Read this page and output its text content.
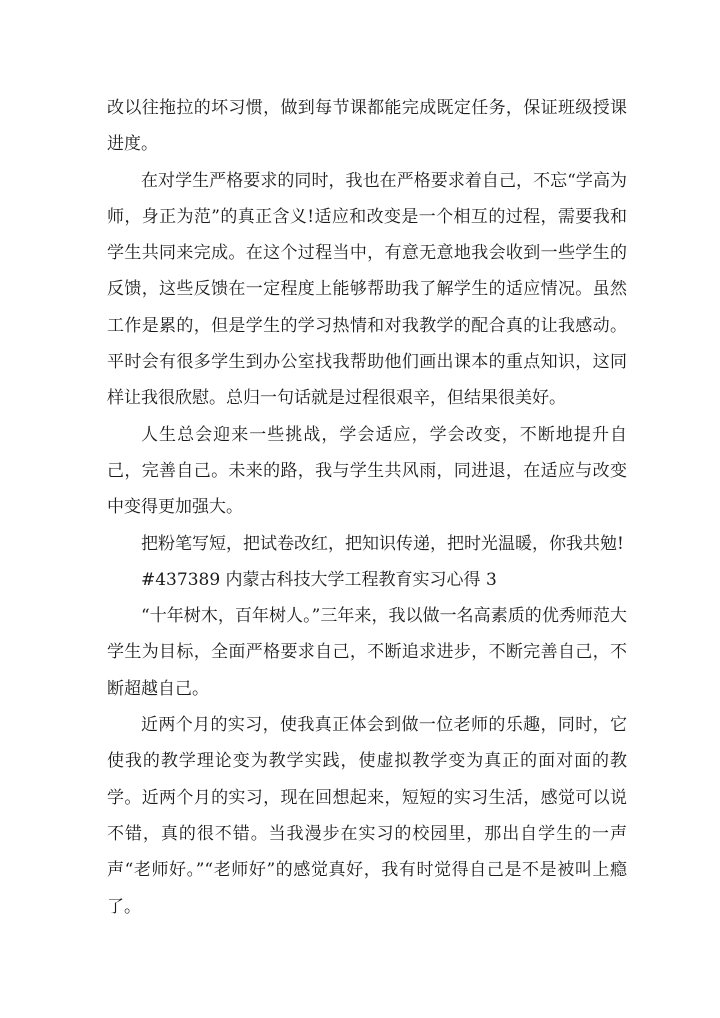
改以往拖拉的坏习惯，做到每节课都能完成既定任务，保证班级授课进度。

在对学生严格要求的同时，我也在严格要求着自己，不忘“学高为师，身正为范”的真正含义!适应和改变是一个相互的过程，需要我和学生共同来完成。在这个过程当中，有意无意地我会收到一些学生的反馈，这些反馈在一定程度上能够帮助我了解学生的适应情况。虽然工作是累的，但是学生的学习热情和对我教学的配合真的让我感动。平时会有很多学生到办公室找我帮助他们画出课本的重点知识，这同样让我很欣慰。总归一句话就是过程很艰辛，但结果很美好。

人生总会迎来一些挑战，学会适应，学会改变，不断地提升自己，完善自己。未来的路，我与学生共风雨，同进退，在适应与改变中变得更加强大。

把粉笔写短，把试卷改红，把知识传递，把时光温暖，你我共勉!

#437389 内蒙古科技大学工程教育实习心得 3

“十年树木，百年树人。”三年来，我以做一名高素质的优秀师范大学生为目标，全面严格要求自己，不断追求进步，不断完善自己，不断超越自己。

近两个月的实习，使我真正体会到做一位老师的乐趣，同时，它使我的教学理论变为教学实践，使虚拟教学变为真正的面对面的教学。近两个月的实习，现在回想起来，短短的实习生活，感觉可以说不错，真的很不错。当我漫步在实习的校园里，那出自学生的一声声“老师好。”“老师好”的感觉真好，我有时觉得自己是不是被叫上瘾了。
